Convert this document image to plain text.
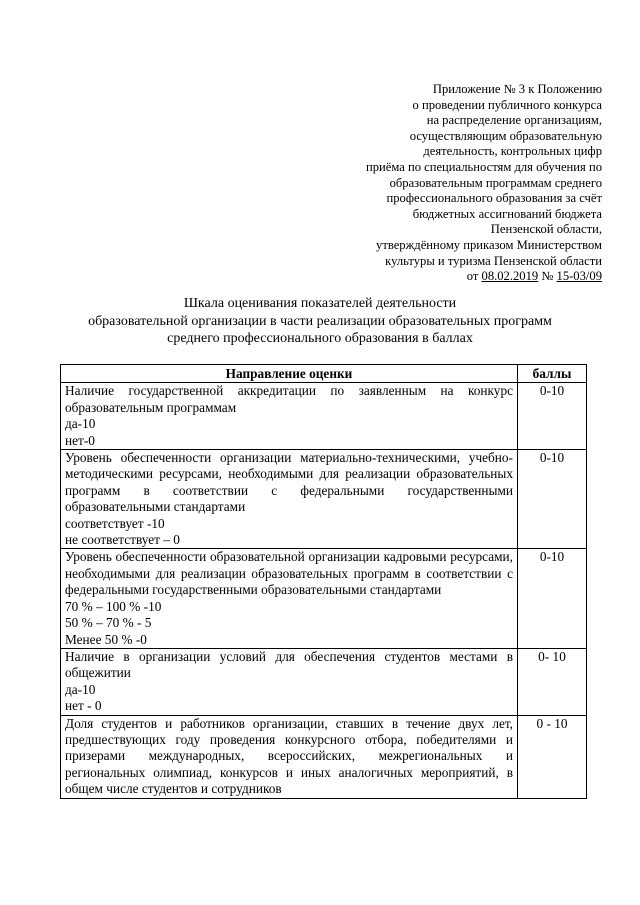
Приложение № 3 к Положению
о проведении публичного конкурса
на распределение организациям,
осуществляющим образовательную
деятельность, контрольных цифр
приёма по специальностям для обучения по
образовательным программам среднего
профессионального образования за счёт
бюджетных ассигнований бюджета
Пензенской области,
утверждённому приказом Министерством
культуры и туризма Пензенской области
от 08.02.2019 № 15-03/09
Шкала оценивания показателей деятельности
образовательной организации в части реализации образовательных программ
среднего профессионального образования в баллах
Направление оценки	баллы
Наличие государственной аккредитации по заявленным на конкурс образовательным программам
да-10
нет-0	0-10
Уровень обеспеченности организации материально-техническими, учебно-методическими ресурсами, необходимыми для реализации образовательных программ в соответствии с федеральными государственными образовательными стандартами
соответствует -10
не соответствует – 0	0-10
Уровень обеспеченности образовательной организации кадровыми ресурсами, необходимыми для реализации образовательных программ в соответствии с федеральными государственными образовательными стандартами
70 % – 100 % -10
50 % – 70 % - 5
Менее 50 % -0	0-10
Наличие в организации условий для обеспечения студентов местами в общежитии
да-10
нет - 0	0- 10
Доля студентов и работников организации, ставших в течение двух лет, предшествующих году проведения конкурсного отбора, победителями и призерами международных, всероссийских, межрегиональных и региональных олимпиад, конкурсов и иных аналогичных мероприятий, в общем числе студентов и сотрудников	0 - 10
